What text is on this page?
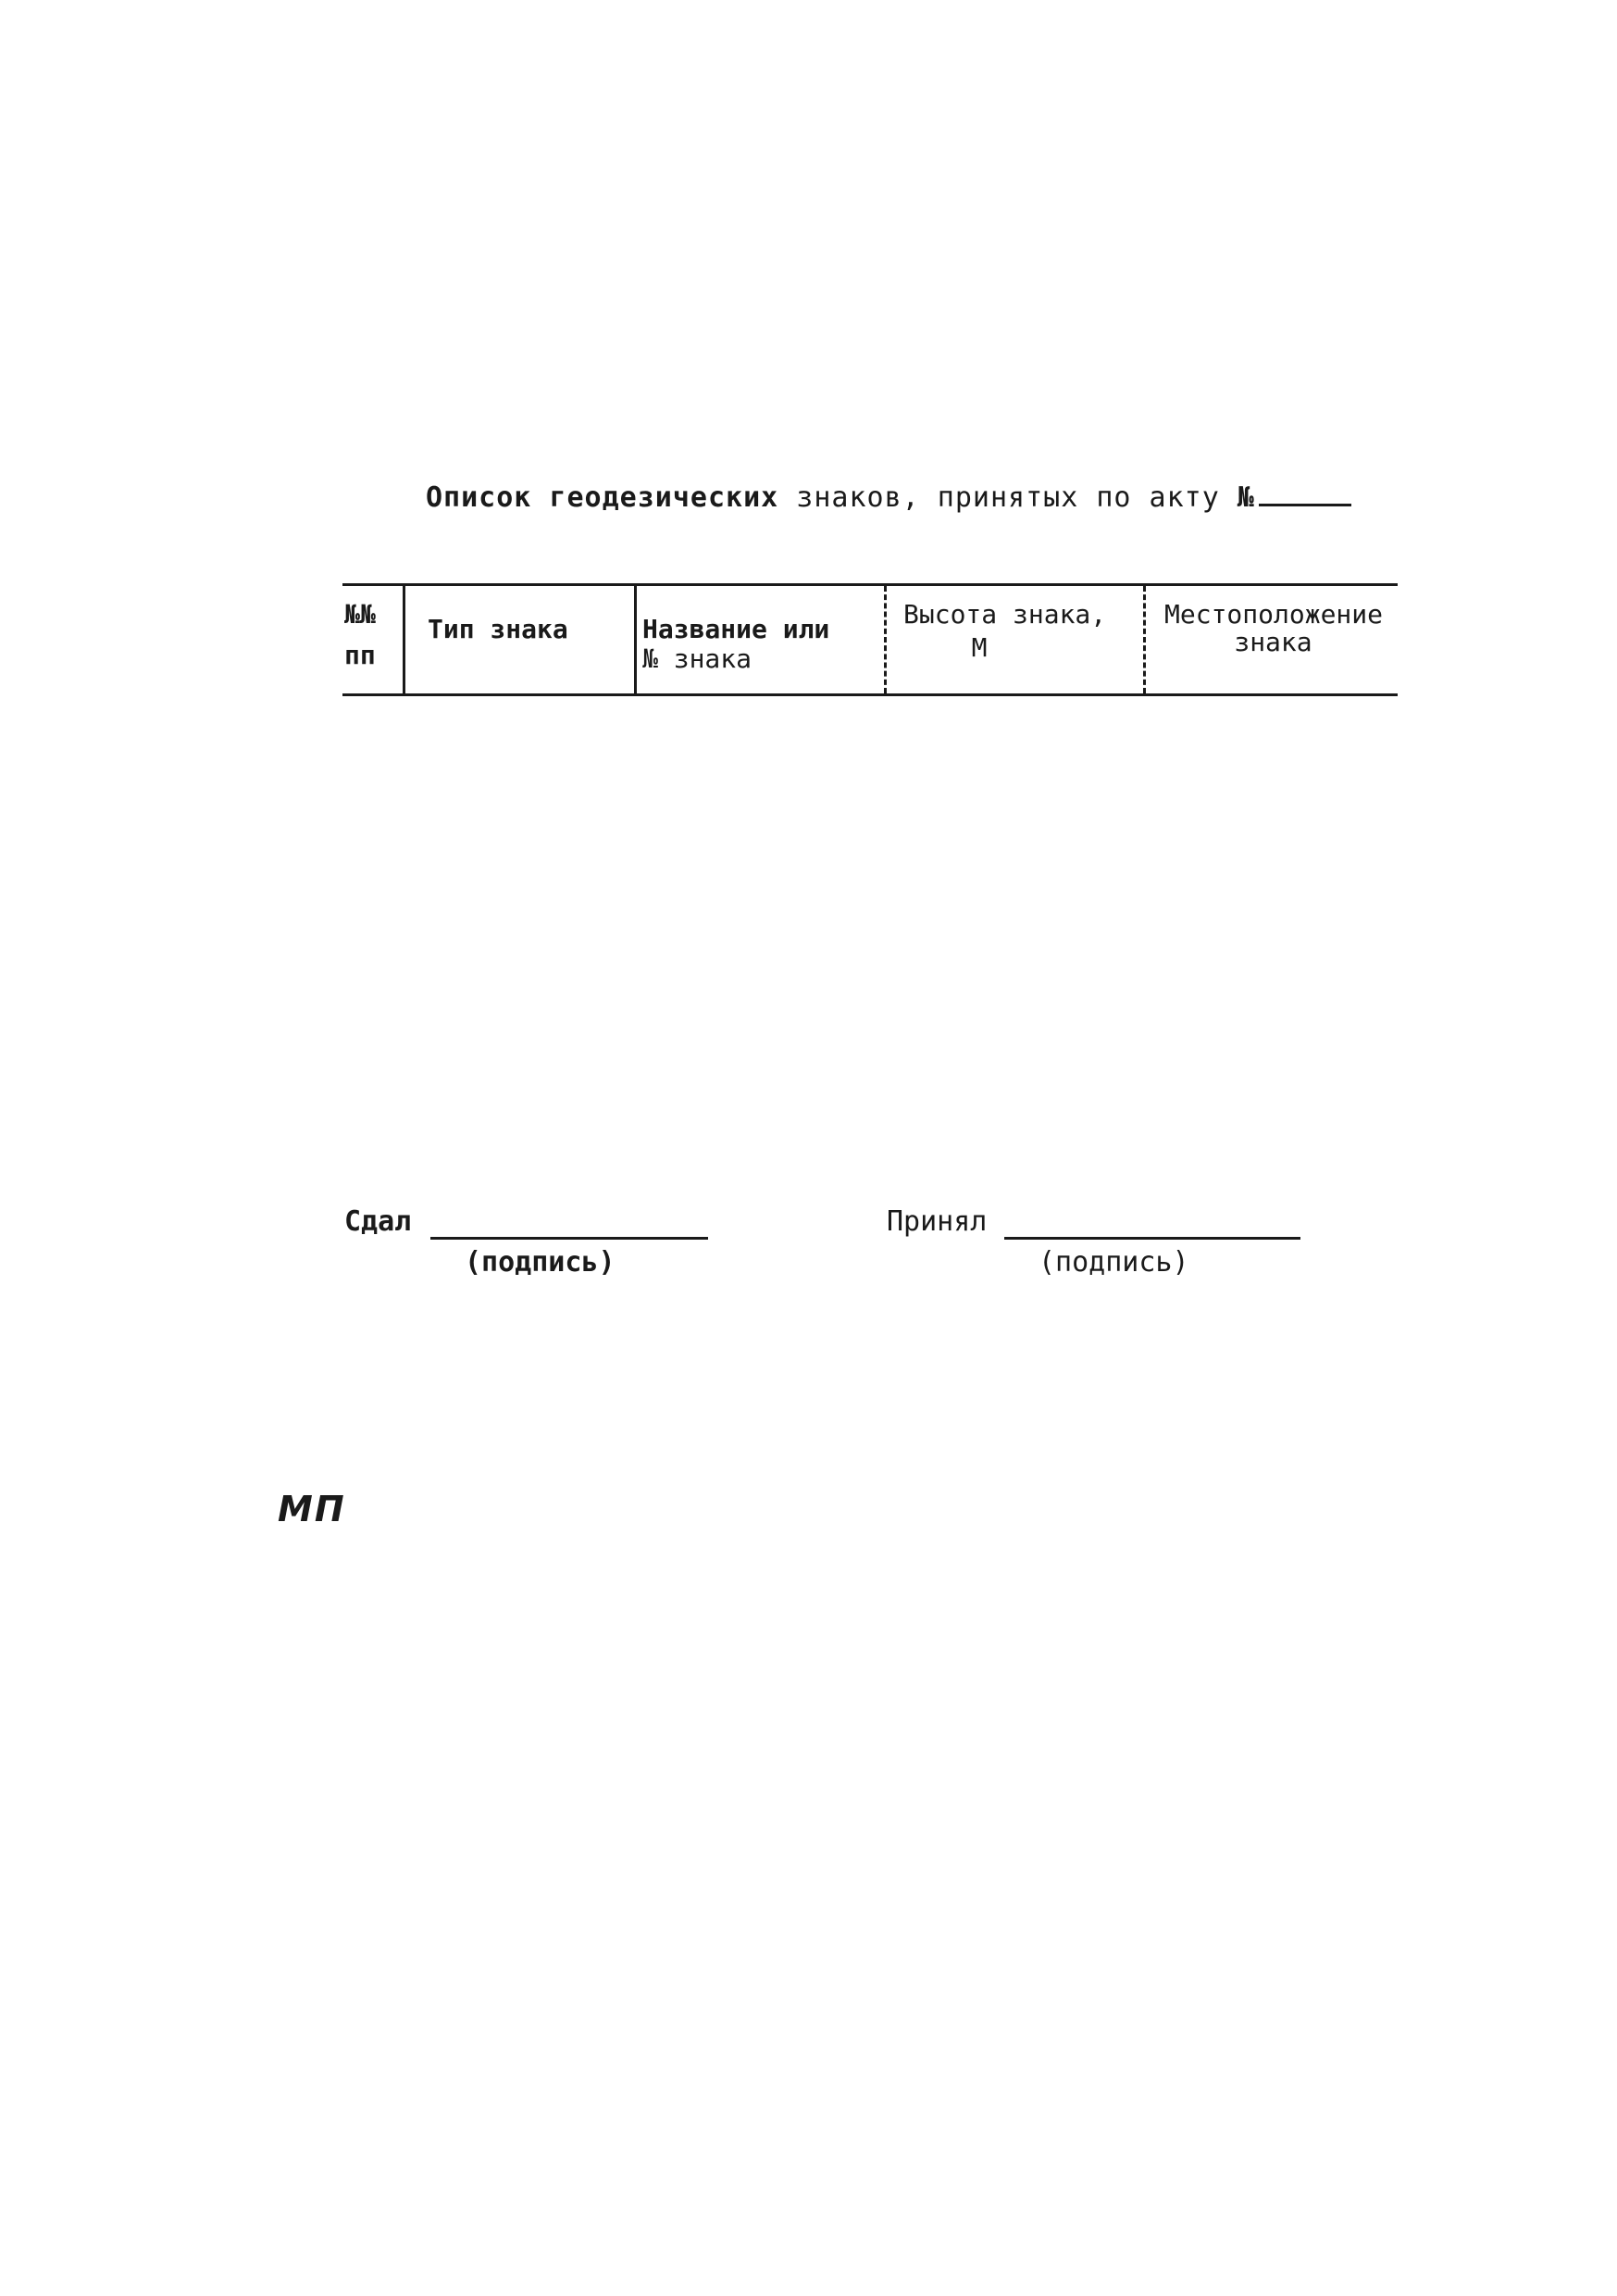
Описок геодезических знаков, принятых по акту №
№№
пп
Тип знака	Название или
№ знака
Высота знака,
М
Местоположение
знака
Сдал
(подпись)
Принял
(подпись)
МП
